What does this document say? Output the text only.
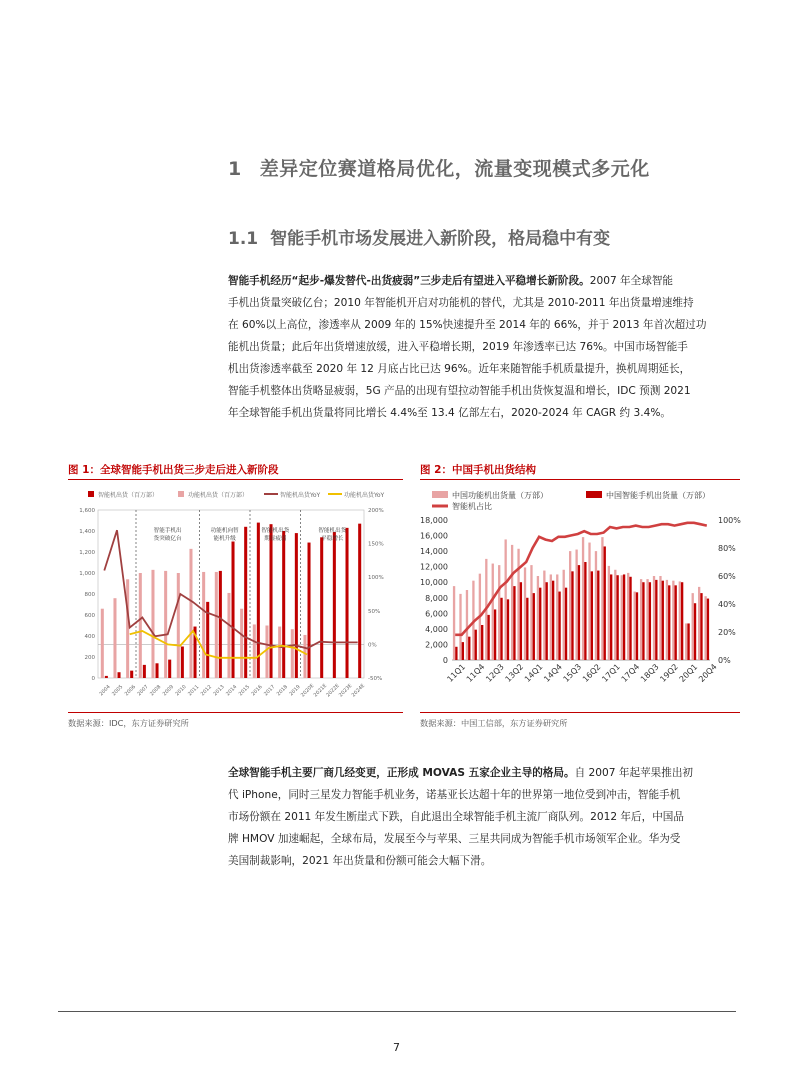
1 差异定位赛道格局优化，流量变现模式多元化
1.1 智能手机市场发展进入新阶段，格局稳中有变
智能手机经历“起步-爆发替代-出货疲弱”三步走后有望进入平稳增长新阶段。2007 年全球智能
手机出货量突破亿台；2010 年智能机开启对功能机的替代，尤其是 2010-2011 年出货量增速维持
在 60%以上高位，渗透率从 2009 年的 15%快速提升至 2014 年的 66%，并于 2013 年首次超过功
能机出货量；此后年出货增速放缓，进入平稳增长期，2019 年渗透率已达 76%。中国市场智能手
机出货渗透率截至 2020 年 12 月底占比已达 96%。近年来随智能手机质量提升，换机周期延长，
智能手机整体出货略显疲弱，5G 产品的出现有望拉动智能手机出货恢复温和增长，IDC 预测 2021
年全球智能手机出货量将同比增长 4.4%至 13.4 亿部左右，2020-2024 年 CAGR 约 3.4%。
图 1：全球智能手机出货三步走后进入新阶段	图 2：中国手机出货结构
智能机出货（百万部）	功能机出货（百万部）	智能机出货YoY	功能机出货YoY
智能手机出货突破亿台
功能机向智能机升级
智能机出货期显疲弱
智能机出货平稳增长
0
200
400
600
800
1,000
1,200
1,400
1,600
-50%
0%
50%
100%
150%
200%
2004 2005 2006 2007 2008 2009 2010 2011 2012 2013 2014 2015 2016 2017 2018 2019
2020E
2021E
2022E
2023E
2024E
数据来源：IDC，东方证券研究所
中国功能机出货量（万部）	中国智能手机出货量（万部）
智能机占比
0
2,000
4,000
6,000
8,000
10,000
12,000
14,000
16,000
18,000
0%
20%
40%
60%
80%
100%
11Q1
11Q4
12Q3
13Q2
14Q1
14Q4
15Q3
16Q2
17Q1
17Q4
18Q3
19Q2
20Q1
20Q4
数据来源：中国工信部，东方证券研究所
全球智能手机主要厂商几经变更，正形成 MOVAS 五家企业主导的格局。自 2007 年起苹果推出初
代 iPhone，同时三星发力智能手机业务，诺基亚长达超十年的世界第一地位受到冲击，智能手机
市场份额在 2011 年发生断崖式下跌，自此退出全球智能手机主流厂商队列。2012 年后，中国品
牌 HMOV 加速崛起，全球布局，发展至今与苹果、三星共同成为智能手机市场领军企业。华为受
美国制裁影响，2021 年出货量和份额可能会大幅下滑。
7
